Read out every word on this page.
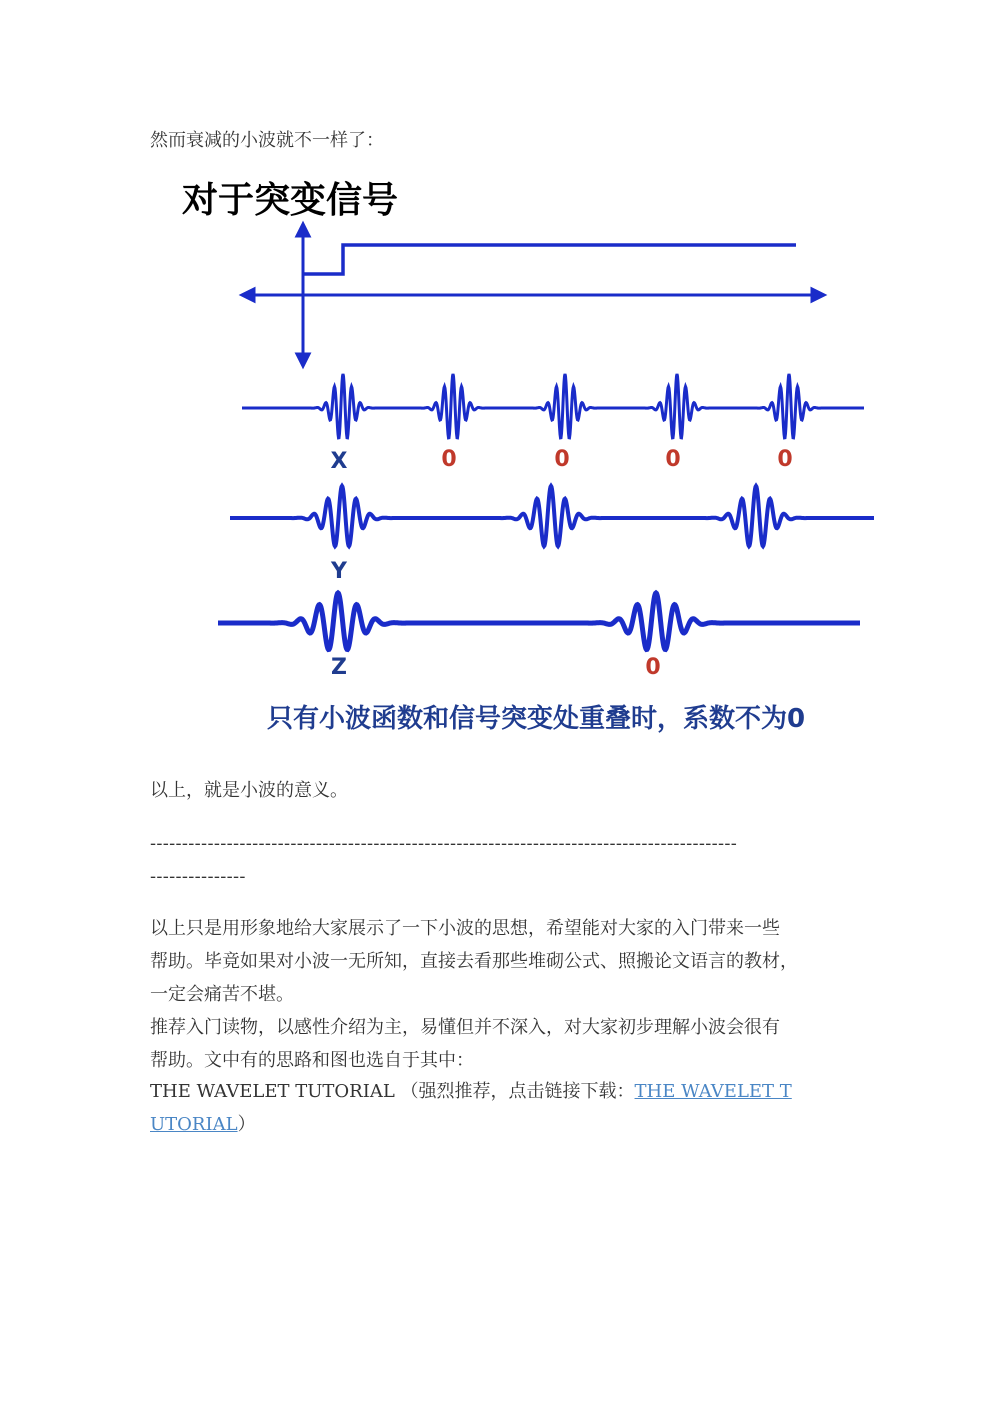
然而衰减的小波就不一样了：

对于突变信号
X	0	0	0	0
Y
Z	0
只有小波函数和信号突变处重叠时，系数不为0

以上，就是小波的意义。

--------------------------------------------------------------------------------------------

---------------

以上只是用形象地给大家展示了一下小波的思想，希望能对大家的入门带来一些

帮助。毕竟如果对小波一无所知，直接去看那些堆砌公式、照搬论文语言的教材，

一定会痛苦不堪。

推荐入门读物，以感性介绍为主，易懂但并不深入，对大家初步理解小波会很有

帮助。文中有的思路和图也选自于其中：

THE WAVELET TUTORIAL （强烈推荐，点击链接下载：THE WAVELET T

UTORIAL）
